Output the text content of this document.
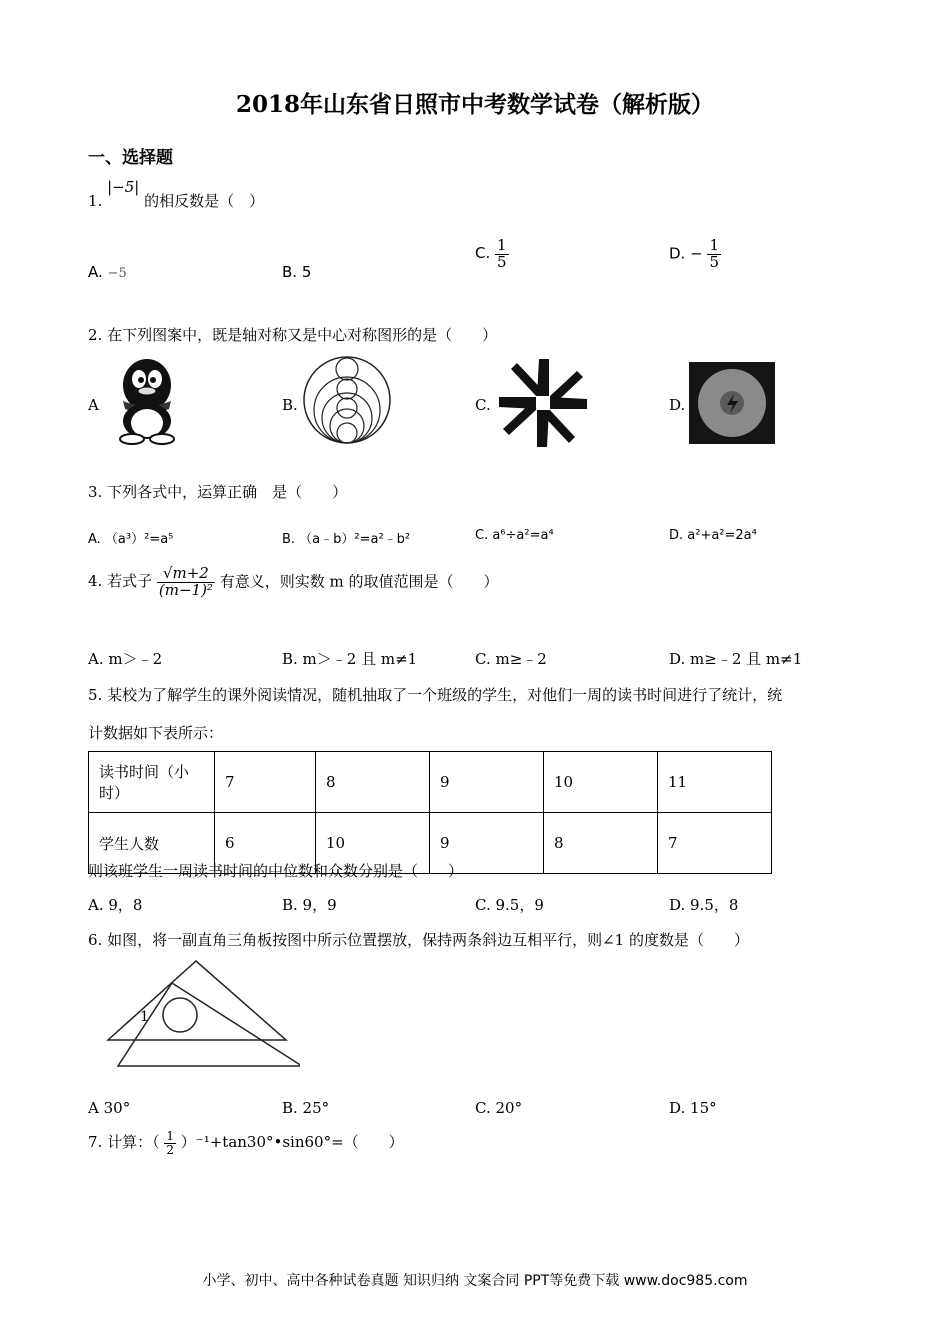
2018年山东省日照市中考数学试卷（解析版）
一、选择题
1. |−5| 的相反数是（　）
A. −5	B. 5
C. $\frac{1}{5}$	D. − $\frac{1}{5}$
2. 在下列图案中，既是轴对称又是中心对称图形的是（　　）
A	B.	C.	D.
3. 下列各式中，运算正确　是（　　）
A. （a³）²=a⁵	B. （a﹣b）²=a²﹣b²	C. a⁶÷a²=a⁴	D. a²+a²=2a⁴
4. 若式子 $\frac{√m+2}{\text{(m−1)²}}$ 有意义，则实数 m 的取值范围是（　　）
A. m＞﹣2	B. m＞﹣2 且 m≠1	C. m≥﹣2	D. m≥﹣2 且 m≠1
5. 某校为了解学生的课外阅读情况，随机抽取了一个班级的学生，对他们一周的读书时间进行了统计，统
计数据如下表所示：
读书时间（小时）	7	8	9	10	11
学生人数	6	10	9	8	7
则该班学生一周读书时间的中位数和众数分别是（　　）
A. 9，8	B. 9，9	C. 9.5，9	D. 9.5，8
6. 如图，将一副直角三角板按图中所示位置摆放，保持两条斜边互相平行，则∠1 的度数是（　　）
1
A 30°	B. 25°	C. 20°	D. 15°
7. 计算：（ $\frac{1}{2}$ ）⁻¹+tan30°•sin60°=（　　）
小学、初中、高中各种试卷真题 知识归纳 文案合同 PPT等免费下载 www.doc985.com
